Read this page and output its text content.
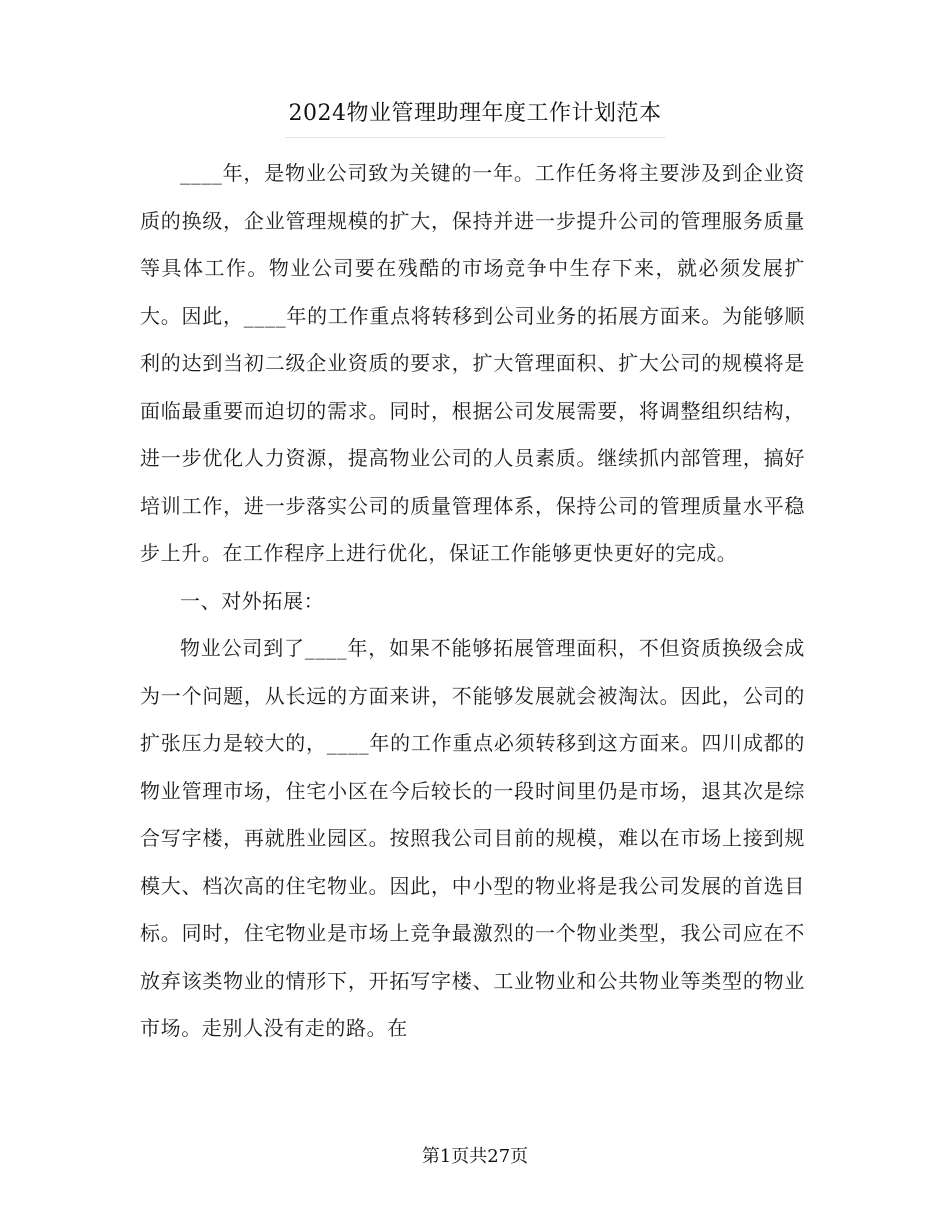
2024物业管理助理年度工作计划范本

____年，是物业公司致为关键的一年。工作任务将主要涉及到企业资质的换级，企业管理规模的扩大，保持并进一步提升公司的管理服务质量等具体工作。物业公司要在残酷的市场竞争中生存下来，就必须发展扩大。因此，____年的工作重点将转移到公司业务的拓展方面来。为能够顺利的达到当初二级企业资质的要求，扩大管理面积、扩大公司的规模将是面临最重要而迫切的需求。同时，根据公司发展需要，将调整组织结构，进一步优化人力资源，提高物业公司的人员素质。继续抓内部管理，搞好培训工作，进一步落实公司的质量管理体系，保持公司的管理质量水平稳步上升。在工作程序上进行优化，保证工作能够更快更好的完成。

一、对外拓展：

物业公司到了____年，如果不能够拓展管理面积，不但资质换级会成为一个问题，从长远的方面来讲，不能够发展就会被淘汰。因此，公司的扩张压力是较大的，____年的工作重点必须转移到这方面来。四川成都的物业管理市场，住宅小区在今后较长的一段时间里仍是市场，退其次是综合写字楼，再就胜业园区。按照我公司目前的规模，难以在市场上接到规模大、档次高的住宅物业。因此，中小型的物业将是我公司发展的首选目标。同时，住宅物业是市场上竞争最激烈的一个物业类型，我公司应在不放弃该类物业的情形下，开拓写字楼、工业物业和公共物业等类型的物业市场。走别人没有走的路。在

第1页共27页
